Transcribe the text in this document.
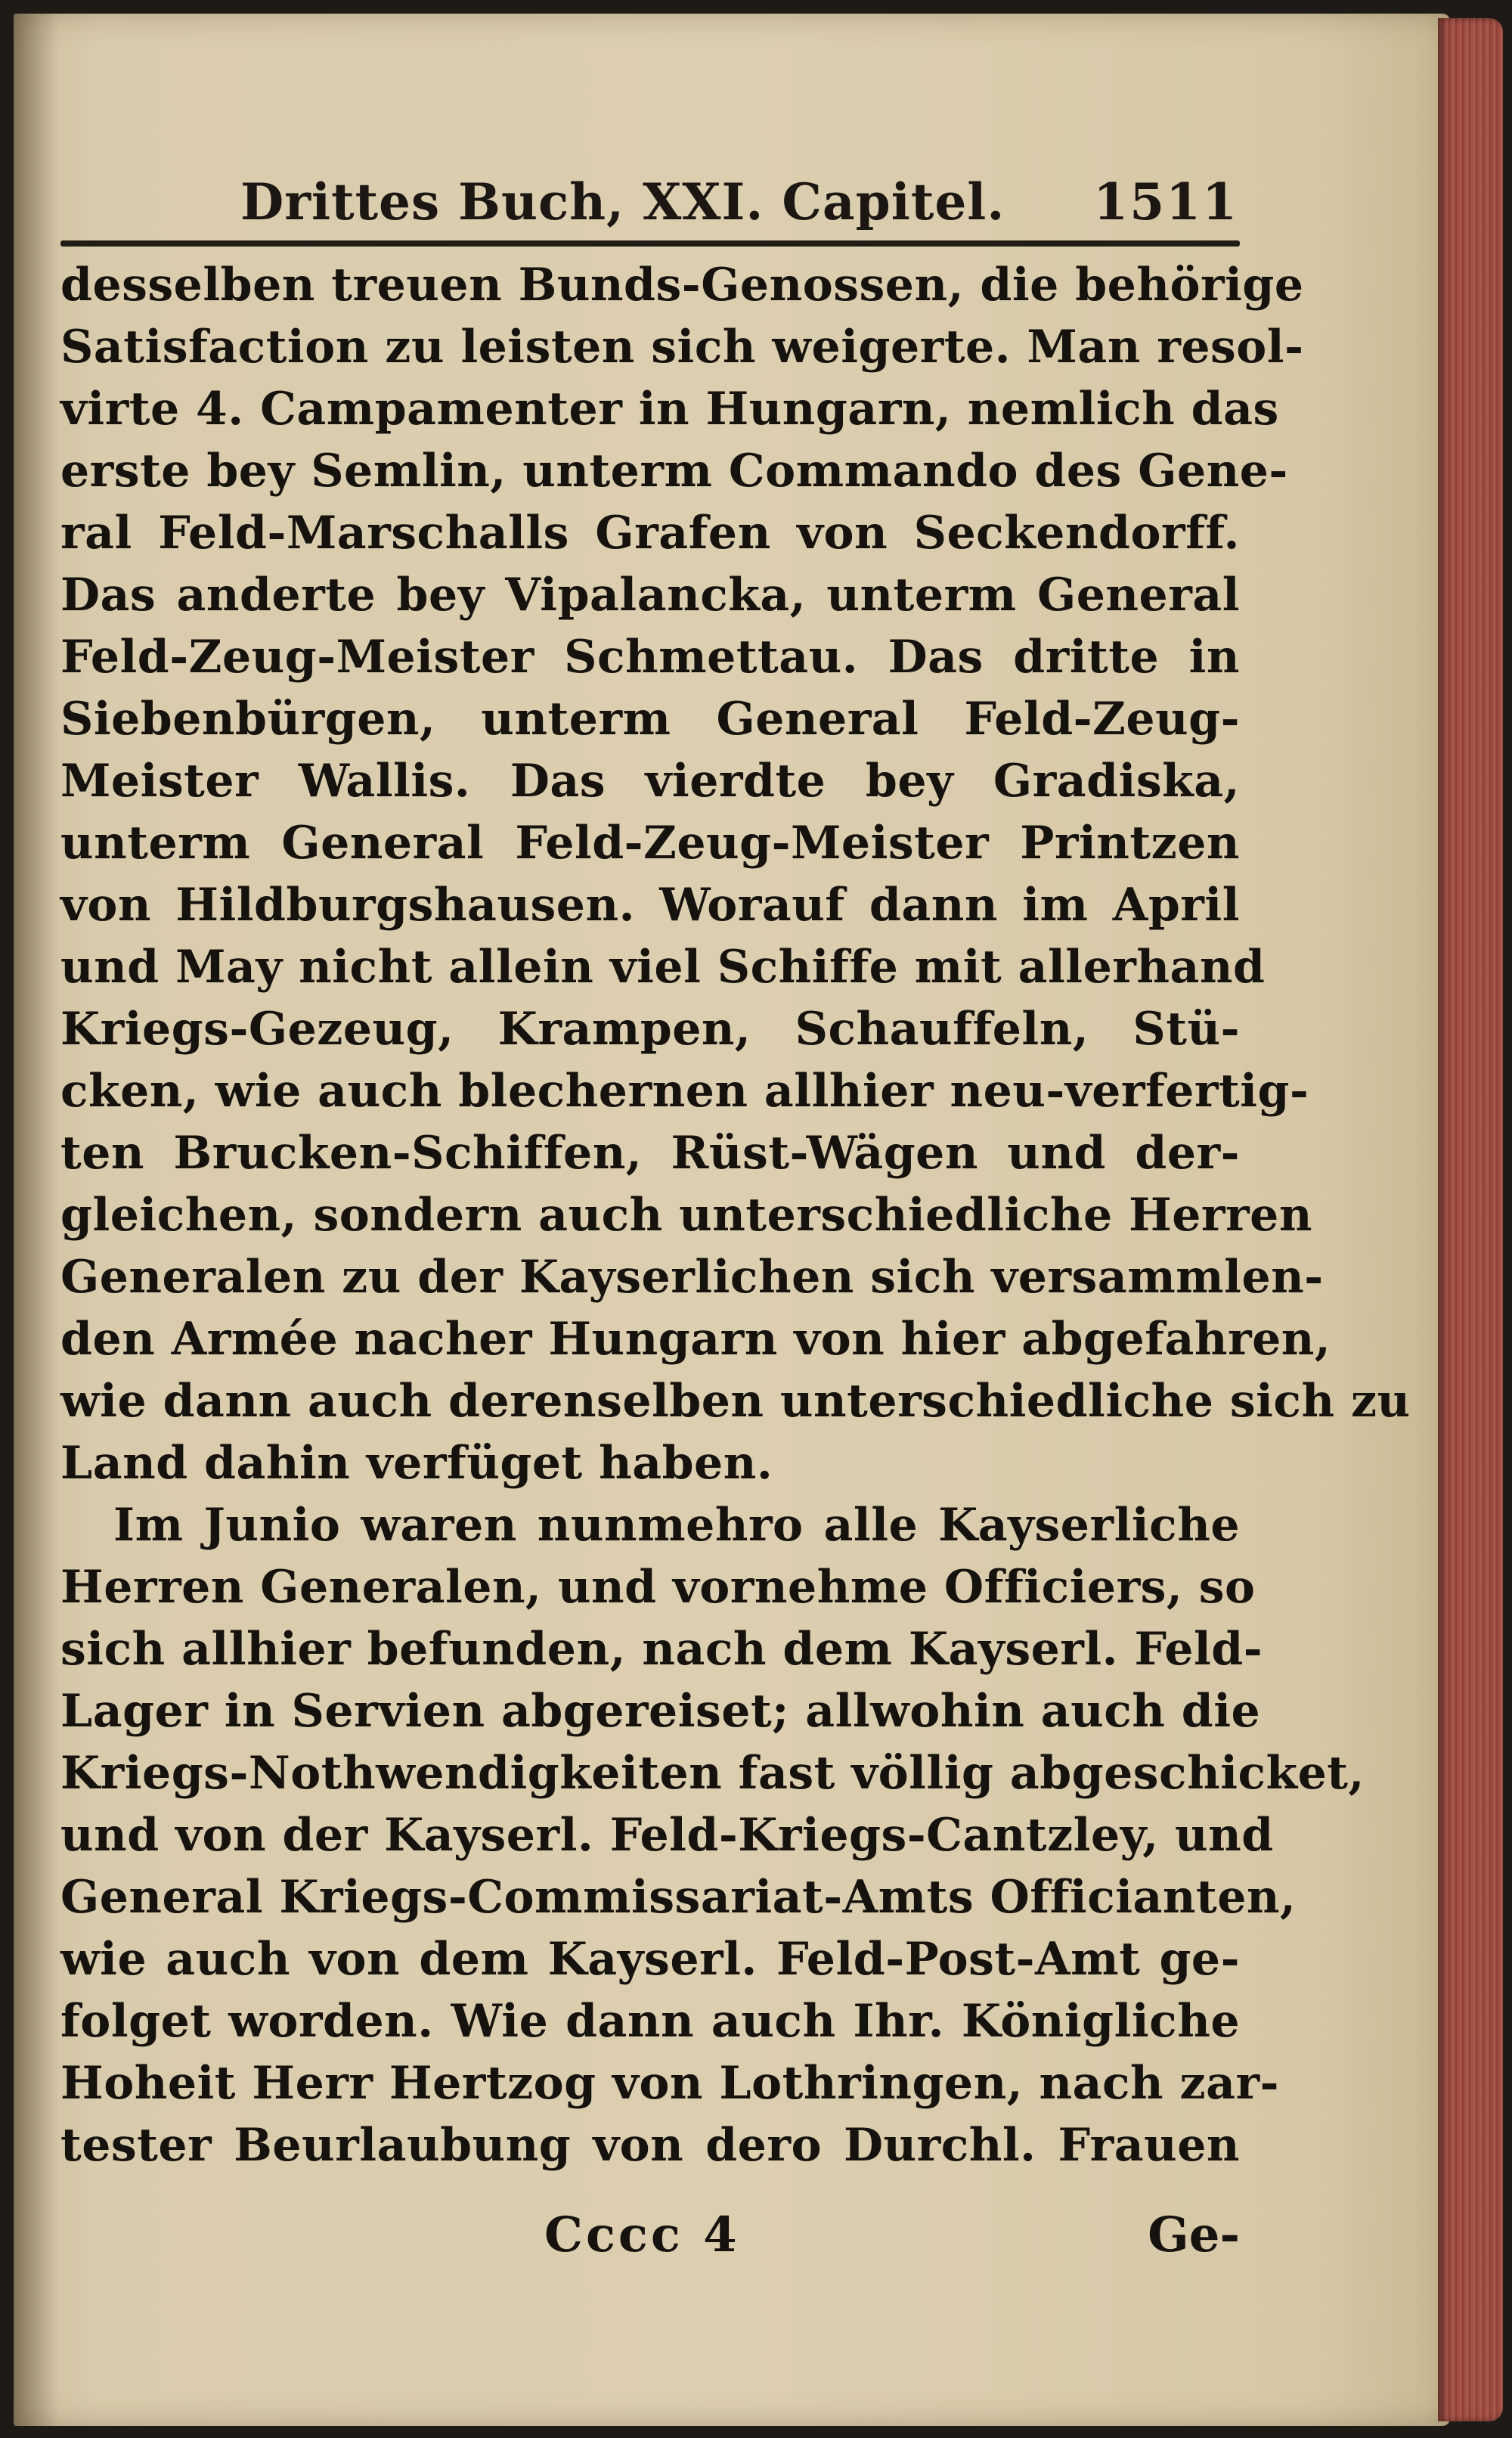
Drittes Buch, XXI. Capitel. 1511
desselben treuen Bunds-Genossen, die behörige
Satisfaction zu leisten sich weigerte. Man resol-
virte 4. Campamenter in Hungarn, nemlich das
erste bey Semlin, unterm Commando des Gene-
ral Feld-Marschalls Grafen von Seckendorff.
Das anderte bey Vipalancka, unterm General
Feld-Zeug-Meister Schmettau. Das dritte in
Siebenbürgen, unterm General Feld-Zeug-
Meister Wallis. Das vierdte bey Gradiska,
unterm General Feld-Zeug-Meister Printzen
von Hildburgshausen. Worauf dann im April
und May nicht allein viel Schiffe mit allerhand
Kriegs-Gezeug, Krampen, Schauffeln, Stü-
cken, wie auch blechernen allhier neu-verfertig-
ten Brucken-Schiffen, Rüst-Wägen und der-
gleichen, sondern auch unterschiedliche Herren
Generalen zu der Kayserlichen sich versammlen-
den Armée nacher Hungarn von hier abgefahren,
wie dann auch derenselben unterschiedliche sich zu
Land dahin verfüget haben.
Im Junio waren nunmehro alle Kayserliche
Herren Generalen, und vornehme Officiers, so
sich allhier befunden, nach dem Kayserl. Feld-
Lager in Servien abgereiset; allwohin auch die
Kriegs-Nothwendigkeiten fast völlig abgeschicket,
und von der Kayserl. Feld-Kriegs-Cantzley, und
General Kriegs-Commissariat-Amts Officianten,
wie auch von dem Kayserl. Feld-Post-Amt ge-
folget worden. Wie dann auch Ihr. Königliche
Hoheit Herr Hertzog von Lothringen, nach zar-
tester Beurlaubung von dero Durchl. Frauen
Cccc 4	Ge-
